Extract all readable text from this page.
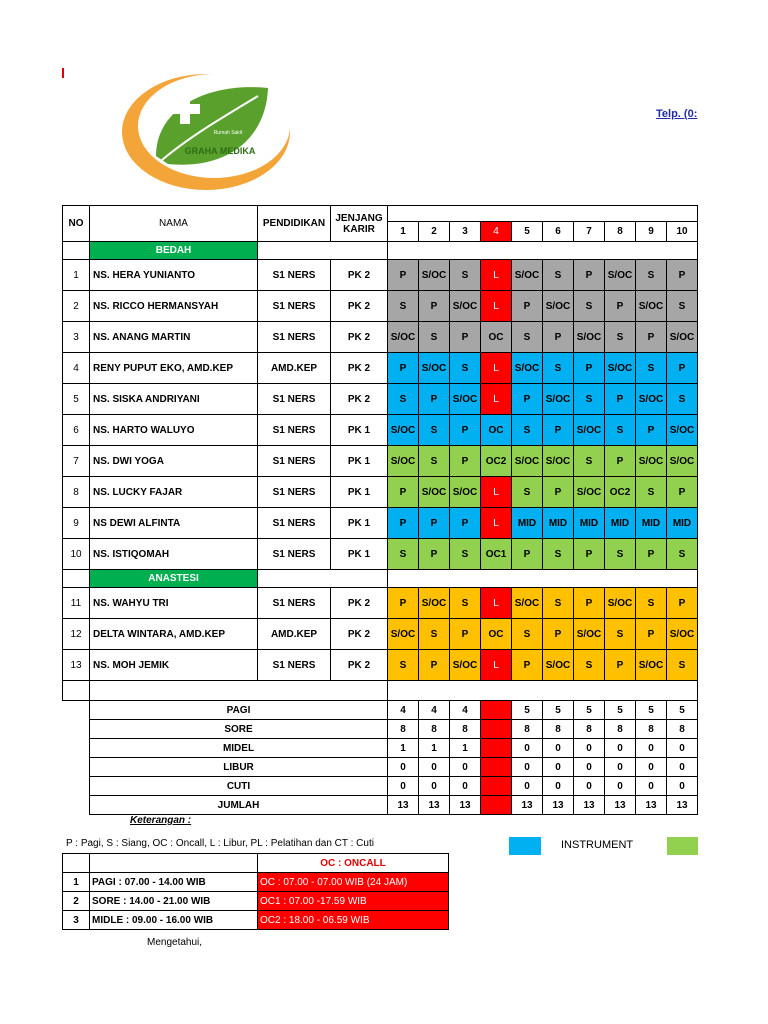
Rumah Sakit
GRAHA MEDIKA
Telp. (0:
NO	NAMA	PENDIDIKAN	JENJANG KARIR										
				1	2	3	4	5	6	7	8	9	10
	BEDAH												
1	NS. HERA YUNIANTO	S1 NERS	PK 2	P	S/OC	S	L	S/OC	S	P	S/OC	S	P
2	NS. RICCO HERMANSYAH	S1 NERS	PK 2	S	P	S/OC	L	P	S/OC	S	P	S/OC	S
3	NS. ANANG MARTIN	S1 NERS	PK 2	S/OC	S	P	OC	S	P	S/OC	S	P	S/OC
4	RENY PUPUT EKO, AMD.KEP	AMD.KEP	PK 2	P	S/OC	S	L	S/OC	S	P	S/OC	S	P
5	NS. SISKA ANDRIYANI	S1 NERS	PK 2	S	P	S/OC	L	P	S/OC	S	P	S/OC	S
6	NS. HARTO WALUYO	S1 NERS	PK 1	S/OC	S	P	OC	S	P	S/OC	S	P	S/OC
7	NS. DWI YOGA	S1 NERS	PK 1	S/OC	S	P	OC2	S/OC	S/OC	S	P	S/OC	S/OC
8	NS. LUCKY FAJAR	S1 NERS	PK 1	P	S/OC	S/OC	L	S	P	S/OC	OC2	S	P
9	NS DEWI ALFINTA	S1 NERS	PK 1	P	P	P	L	MID	MID	MID	MID	MID	MID
10	NS. ISTIQOMAH	S1 NERS	PK 1	S	P	S	OC1	P	S	P	S	P	S
	ANASTESI												
11	NS. WAHYU TRI	S1 NERS	PK 2	P	S/OC	S	L	S/OC	S	P	S/OC	S	P
12	DELTA WINTARA, AMD.KEP	AMD.KEP	PK 2	S/OC	S	P	OC	S	P	S/OC	S	P	S/OC
13	NS. MOH JEMIK	S1 NERS	PK 2	S	P	S/OC	L	P	S/OC	S	P	S/OC	S

	PAGI			4	4	4		5	5	5	5	5	5
	SORE			8	8	8		8	8	8	8	8	8
	MIDEL			1	1	1		0	0	0	0	0	0
	LIBUR			0	0	0		0	0	0	0	0	0
	CUTI			0	0	0		0	0	0	0	0	0
	JUMLAH			13	13	13		13	13	13	13	13	13
Keterangan :
P : Pagi, S : Siang, OC : Oncall, L : Libur, PL : Pelatihan dan CT : Cuti	INSTRUMENT
		OC : ONCALL
1	PAGI : 07.00 - 14.00 WIB	OC : 07.00 - 07.00 WIB (24 JAM)
2	SORE : 14.00 - 21.00 WIB	OC1 : 07.00 -17.59 WIB
3	MIDLE : 09.00 - 16.00 WIB	OC2 : 18.00 - 06.59 WIB
Mengetahui,
